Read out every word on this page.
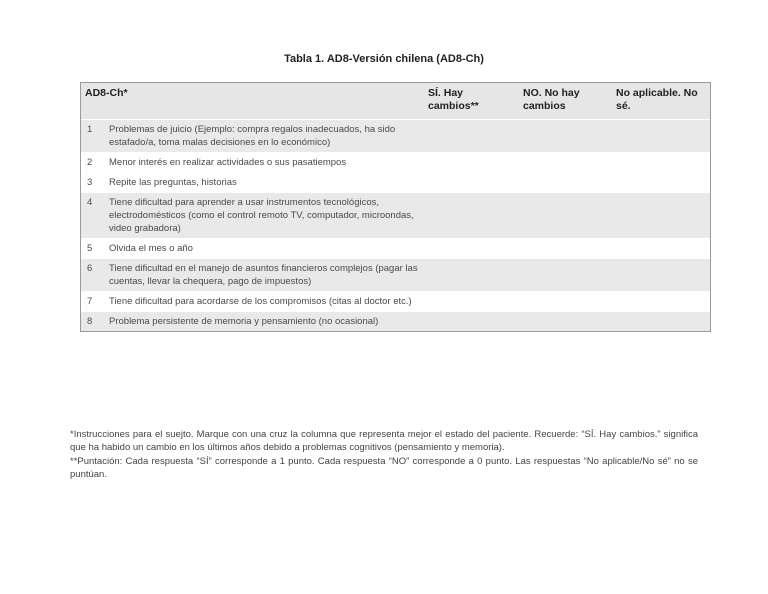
Tabla 1. AD8-Versión chilena (AD8-Ch)
AD8-Ch*		SÍ. Hay cambios**	NO. No hay cambios	No aplicable. No sé.
1	Problemas de juicio (Ejemplo: compra regalos inadecuados, ha sido estafado/a, toma malas decisiones en lo económico)			
2	Menor interés en realizar actividades o sus pasatiempos			
3	Repite las preguntas, historias			
4	Tiene dificultad para aprender a usar instrumentos tecnológicos, electrodomésticos (como el control remoto TV, computador, microondas, video grabadora)			
5	Olvida el mes o año			
6	Tiene dificultad en el manejo de asuntos financieros complejos (pagar las cuentas, llevar la chequera, pago de impuestos)			
7	Tiene dificultad para acordarse de los compromisos (citas al doctor etc.)			
8	Problema persistente de memoria y pensamiento (no ocasional)			

*Instrucciones para el suejto. Marque con una cruz la columna que representa mejor el estado del paciente. Recuerde: “SÍ. Hay cambios.” significa que ha habido un cambio en los últimos años debido a problemas cognitivos (pensamiento y memoria).

**Puntación: Cada respuesta “SÍ” corresponde a 1 punto. Cada respuesta “NO” corresponde a 0 punto. Las respuestas “No aplicable/No sé” no se puntúan.
